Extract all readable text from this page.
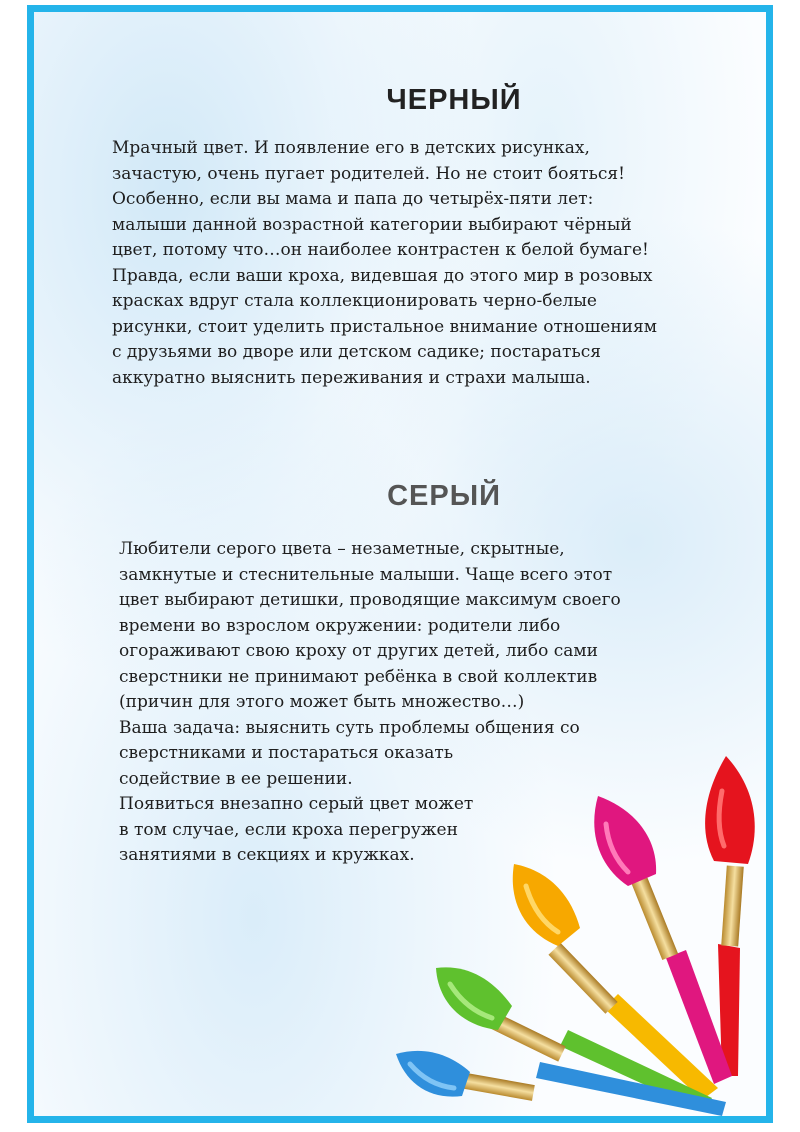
ЧЕРНЫЙ

Мрачный цвет. И появление его в детских рисунках,
зачастую, очень пугает родителей. Но не стоит бояться!
Особенно, если вы мама и папа до четырёх-пяти лет:
малыши данной возрастной категории выбирают чёрный
цвет, потому что…он наиболее контрастен к белой бумаге!
Правда, если ваши кроха, видевшая до этого мир в розовых
красках вдруг стала коллекционировать черно-белые
рисунки, стоит уделить пристальное внимание отношениям
с друзьями во дворе или детском садике; постараться
аккуратно выяснить переживания и страхи малыша.

СЕРЫЙ

Любители серого цвета – незаметные, скрытные,
замкнутые и стеснительные малыши. Чаще всего этот
цвет выбирают детишки, проводящие максимум своего
времени во взрослом окружении: родители либо
огораживают свою кроху от других детей, либо сами
сверстники не принимают ребёнка в свой коллектив
(причин для этого может быть множество…)
Ваша задача: выяснить суть проблемы общения со
сверстниками и постараться оказать
содействие в ее решении.
Появиться внезапно серый цвет может
в том случае, если кроха перегружен
занятиями в секциях и кружках.
